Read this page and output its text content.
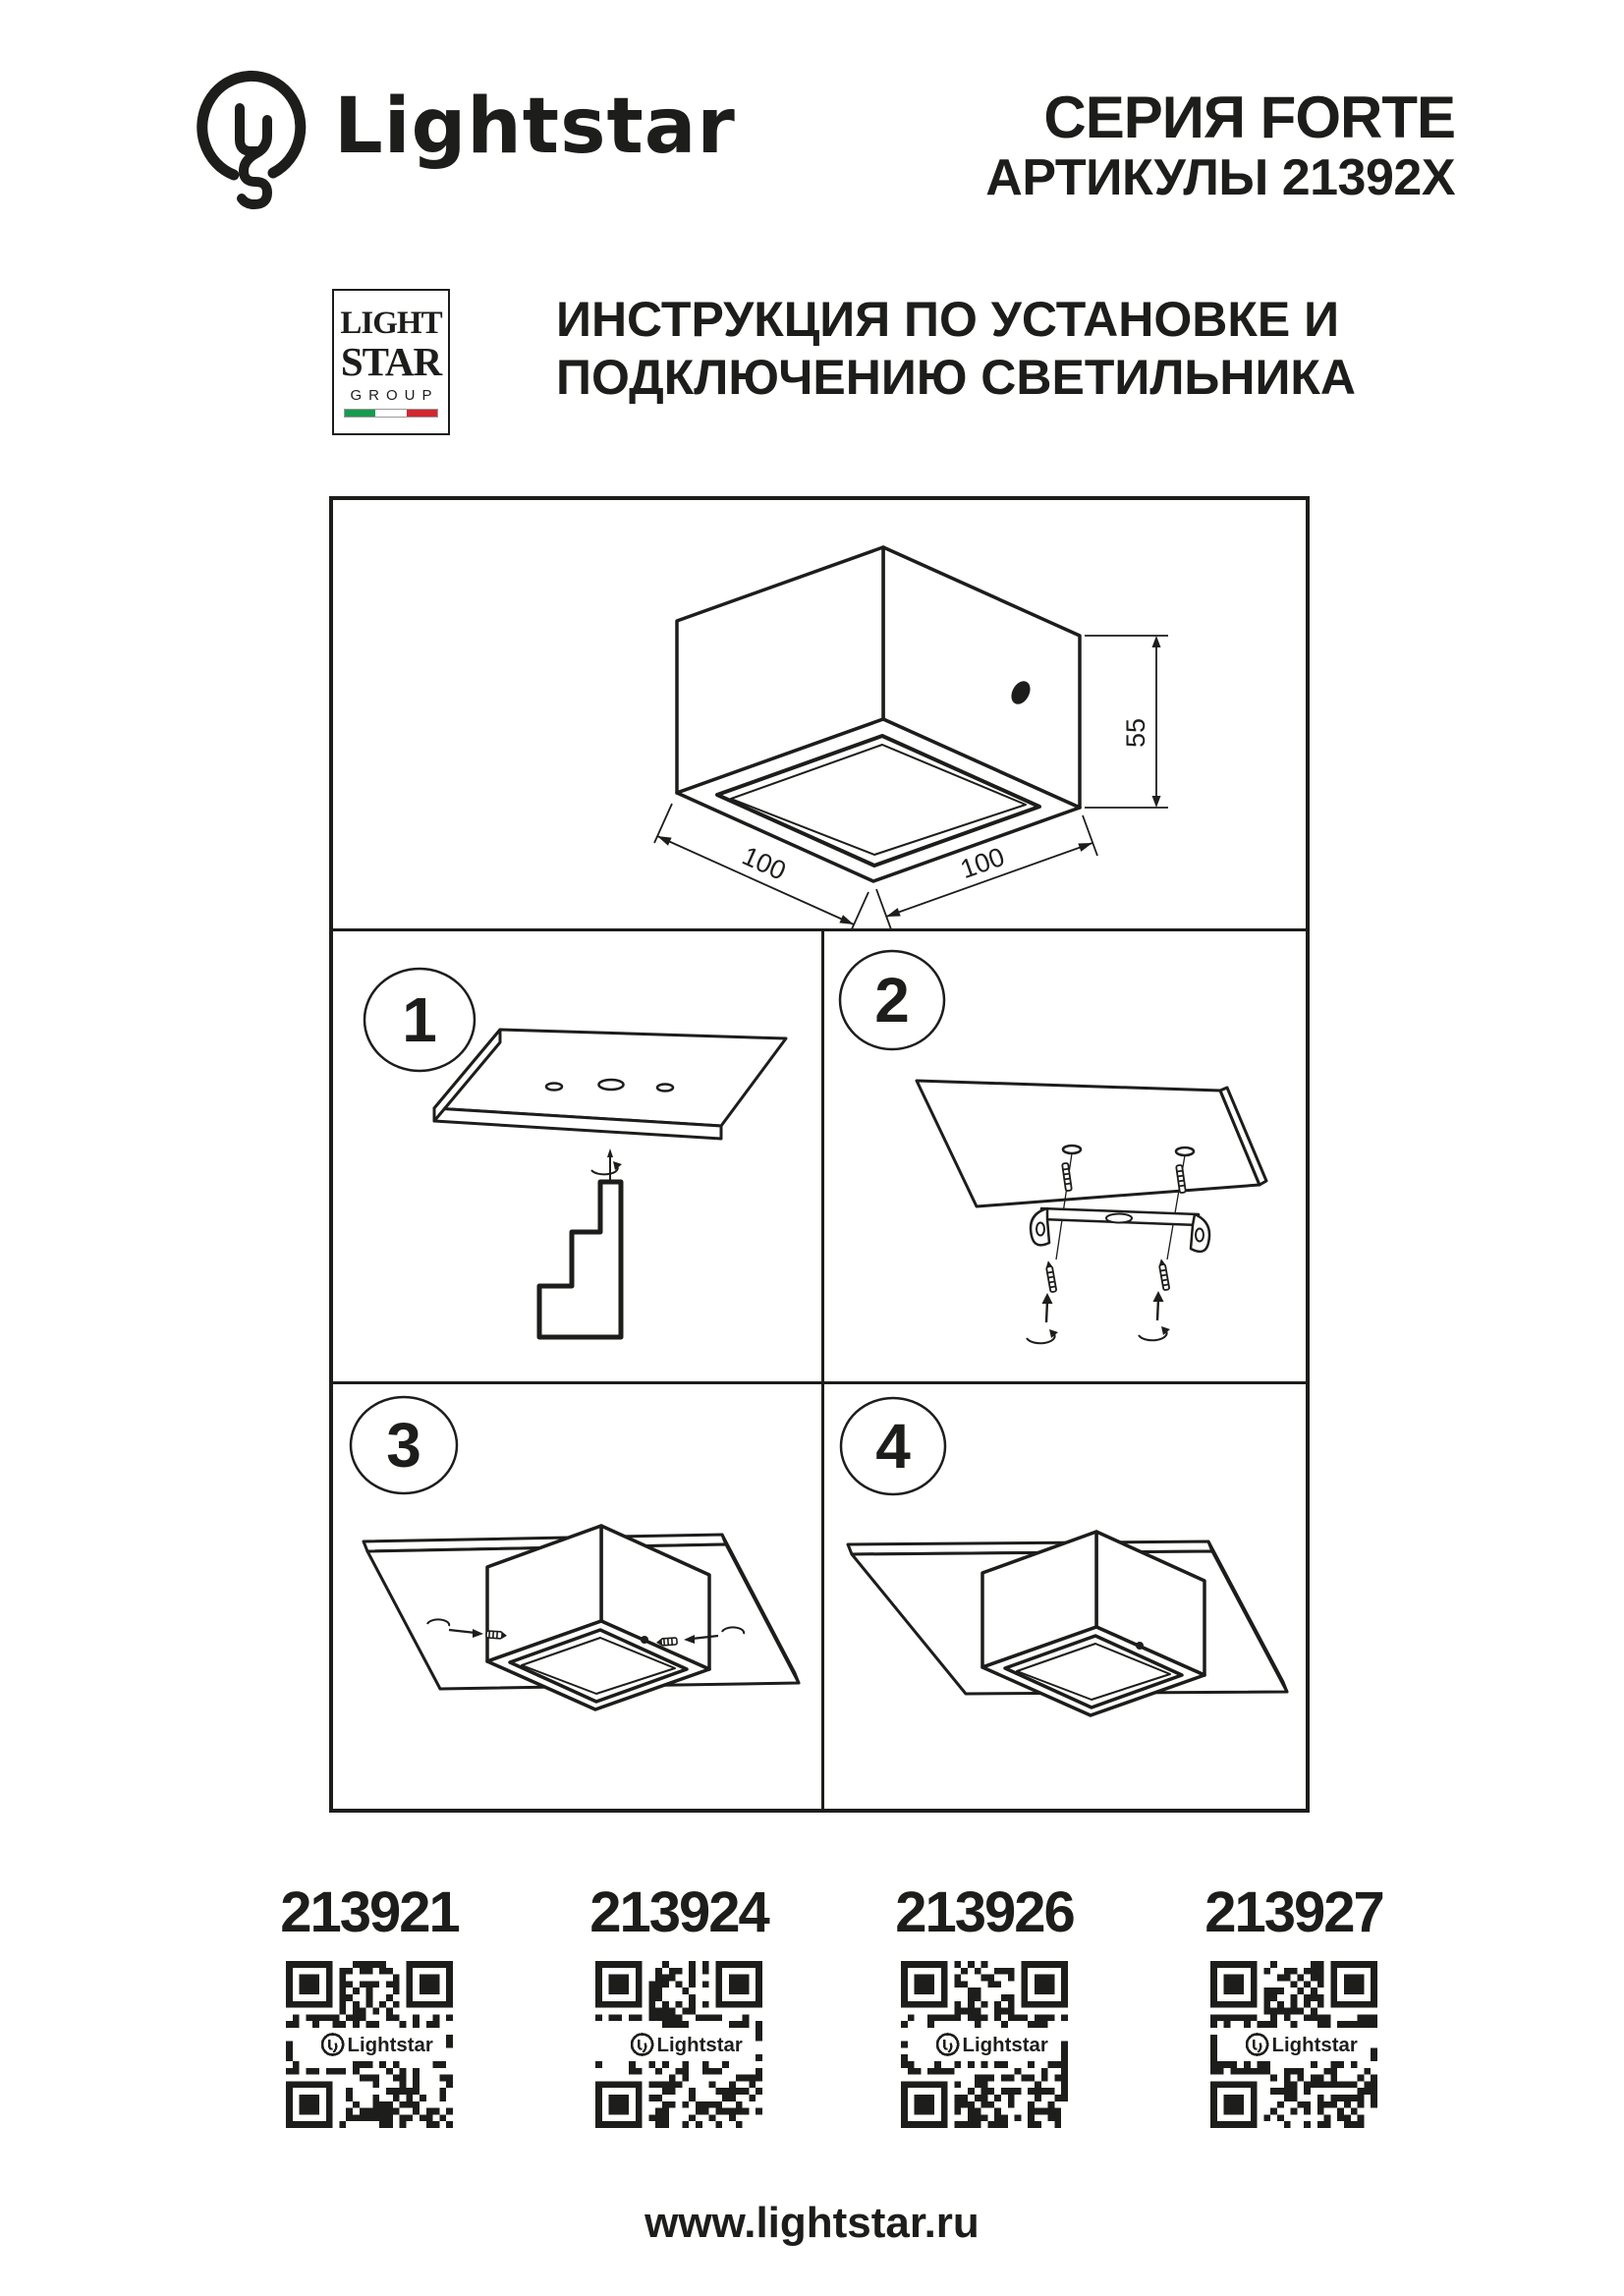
Lightstar	СЕРИЯ FORTE
АРТИКУЛЫ 21392X
LIGHT
STAR
GROUP
ИНСТРУКЦИЯ ПО УСТАНОВКЕ И
ПОДКЛЮЧЕНИЮ СВЕТИЛЬНИКА
55
100
100
1	2
3	4
213921	213924	213926	213927
Lightstar	Lightstar	Lightstar	Lightstar
www.lightstar.ru
